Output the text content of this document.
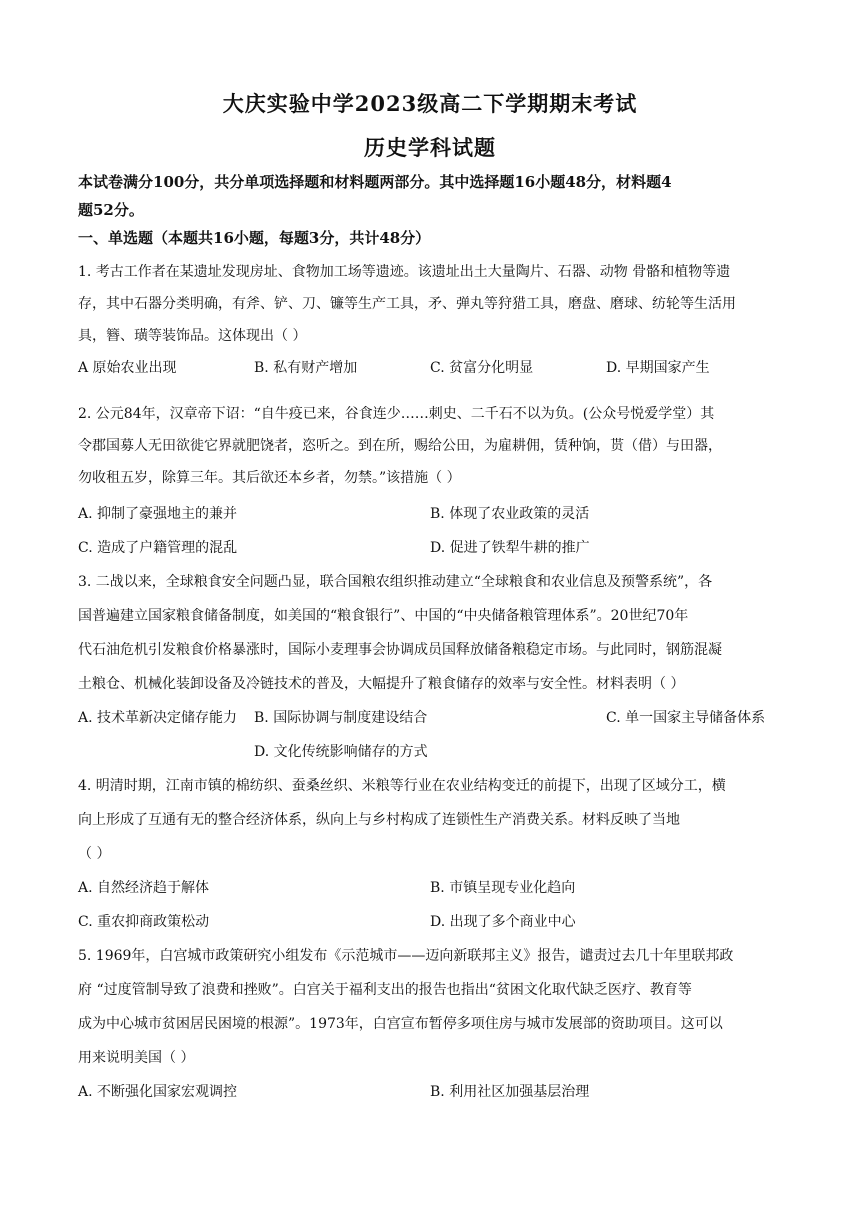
大庆实验中学2023级高二下学期期末考试
历史学科试题
本试卷满分100分，共分单项选择题和材料题两部分。其中选择题16小题48分，材料题4
题52分。
一、单选题（本题共16小题，每题3分，共计48分）
1. 考古工作者在某遗址发现房址、食物加工场等遗迹。该遗址出土大量陶片、石器、动物 骨骼和植物等遗
存，其中石器分类明确，有斧、铲、刀、镰等生产工具，矛、弹丸等狩猎工具，磨盘、磨球、纺轮等生活用
具，簪、璜等装饰品。这体现出（ ）
A 原始农业出现	B. 私有财产增加	C. 贫富分化明显	D. 早期国家产生
2. 公元84年，汉章帝下诏：“自牛疫已来，谷食连少……刺史、二千石不以为负。(公众号悦爱学堂）其
令郡国募人无田欲徙它界就肥饶者，恣听之。到在所，赐给公田，为雇耕佣，赁种饷，贳（借）与田器，
勿收租五岁，除算三年。其后欲还本乡者，勿禁。”该措施（ ）
A. 抑制了豪强地主的兼并	B. 体现了农业政策的灵活
C. 造成了户籍管理的混乱	D. 促进了铁犁牛耕的推广
3. 二战以来，全球粮食安全问题凸显，联合国粮农组织推动建立“全球粮食和农业信息及预警系统”，各
国普遍建立国家粮食储备制度，如美国的“粮食银行”、中国的“中央储备粮管理体系”。20世纪70年
代石油危机引发粮食价格暴涨时，国际小麦理事会协调成员国释放储备粮稳定市场。与此同时，钢筋混凝
土粮仓、机械化装卸设备及冷链技术的普及，大幅提升了粮食储存的效率与安全性。材料表明（ ）
A. 技术革新决定储存能力 B. 国际协调与制度建设结合	C. 单一国家主导储备体系
D. 文化传统影响储存的方式
4. 明清时期，江南市镇的棉纺织、蚕桑丝织、米粮等行业在农业结构变迁的前提下，出现了区域分工，横
向上形成了互通有无的整合经济体系，纵向上与乡村构成了连锁性生产消费关系。材料反映了当地
（ ）
A. 自然经济趋于解体	B. 市镇呈现专业化趋向
C. 重农抑商政策松动	D. 出现了多个商业中心
5. 1969年，白宫城市政策研究小组发布《示范城市——迈向新联邦主义》报告，谴责过去几十年里联邦政
府 “过度管制导致了浪费和挫败”。白宫关于福利支出的报告也指出“贫困文化取代缺乏医疗、教育等
成为中心城市贫困居民困境的根源”。1973年，白宫宣布暂停多项住房与城市发展部的资助项目。这可以
用来说明美国（ ）
A. 不断强化国家宏观调控	B. 利用社区加强基层治理
